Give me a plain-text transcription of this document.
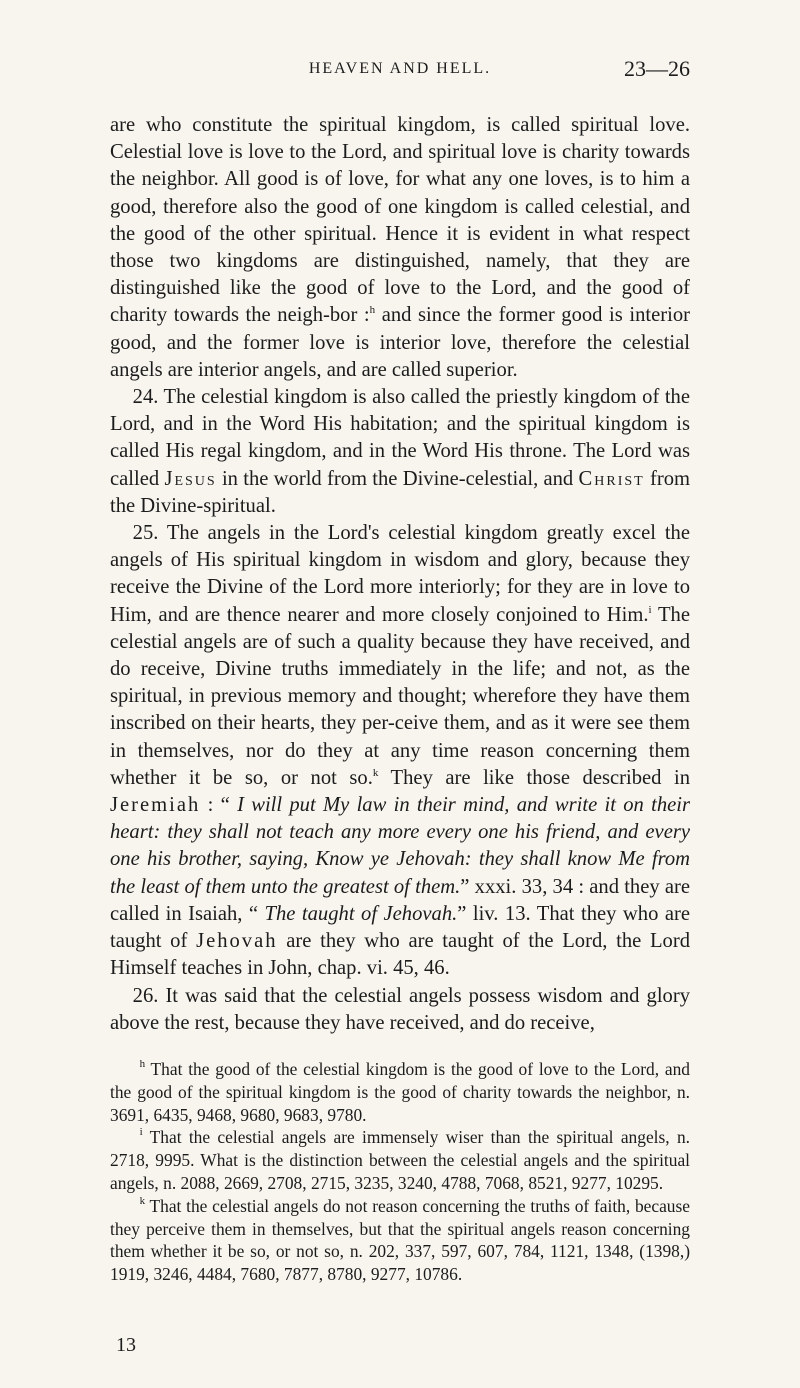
HEAVEN AND HELL.	23—26

are who constitute the spiritual kingdom, is called spiritual love. Celestial love is love to the Lord, and spiritual love is charity towards the neighbor. All good is of love, for what any one loves, is to him a good, therefore also the good of one kingdom is called celestial, and the good of the other spiritual. Hence it is evident in what respect those two kingdoms are distinguished, namely, that they are distinguished like the good of love to the Lord, and the good of charity towards the neigh-bor :$^h$ and since the former good is interior good, and the former love is interior love, therefore the celestial angels are interior angels, and are called superior.

24. The celestial kingdom is also called the priestly kingdom of the Lord, and in the Word His habitation; and the spiritual kingdom is called His regal kingdom, and in the Word His throne. The Lord was called Jesus in the world from the Divine-celestial, and Christ from the Divine-spiritual.

25. The angels in the Lord's celestial kingdom greatly excel the angels of His spiritual kingdom in wisdom and glory, because they receive the Divine of the Lord more interiorly; for they are in love to Him, and are thence nearer and more closely conjoined to Him.$^i$ The celestial angels are of such a quality because they have received, and do receive, Divine truths immediately in the life; and not, as the spiritual, in previous memory and thought; wherefore they have them inscribed on their hearts, they per-ceive them, and as it were see them in themselves, nor do they at any time reason concerning them whether it be so, or not so.$^k$ They are like those described in Jeremiah : “ I will put My law in their mind, and write it on their heart: they shall not teach any more every one his friend, and every one his brother, saying, Know ye Jehovah: they shall know Me from the least of them unto the greatest of them.” xxxi. 33, 34 : and they are called in Isaiah, “ The taught of Jehovah.” liv. 13. That they who are taught of Jehovah are they who are taught of the Lord, the Lord Himself teaches in John, chap. vi. 45, 46.

26. It was said that the celestial angels possess wisdom and glory above the rest, because they have received, and do receive,

$^h$ That the good of the celestial kingdom is the good of love to the Lord, and the good of the spiritual kingdom is the good of charity towards the neighbor, n. 3691, 6435, 9468, 9680, 9683, 9780.

$^i$ That the celestial angels are immensely wiser than the spiritual angels, n. 2718, 9995. What is the distinction between the celestial angels and the spiritual angels, n. 2088, 2669, 2708, 2715, 3235, 3240, 4788, 7068, 8521, 9277, 10295.

$^k$ That the celestial angels do not reason concerning the truths of faith, because they perceive them in themselves, but that the spiritual angels reason concerning them whether it be so, or not so, n. 202, 337, 597, 607, 784, 1121, 1348, (1398,) 1919, 3246, 4484, 7680, 7877, 8780, 9277, 10786.

13
